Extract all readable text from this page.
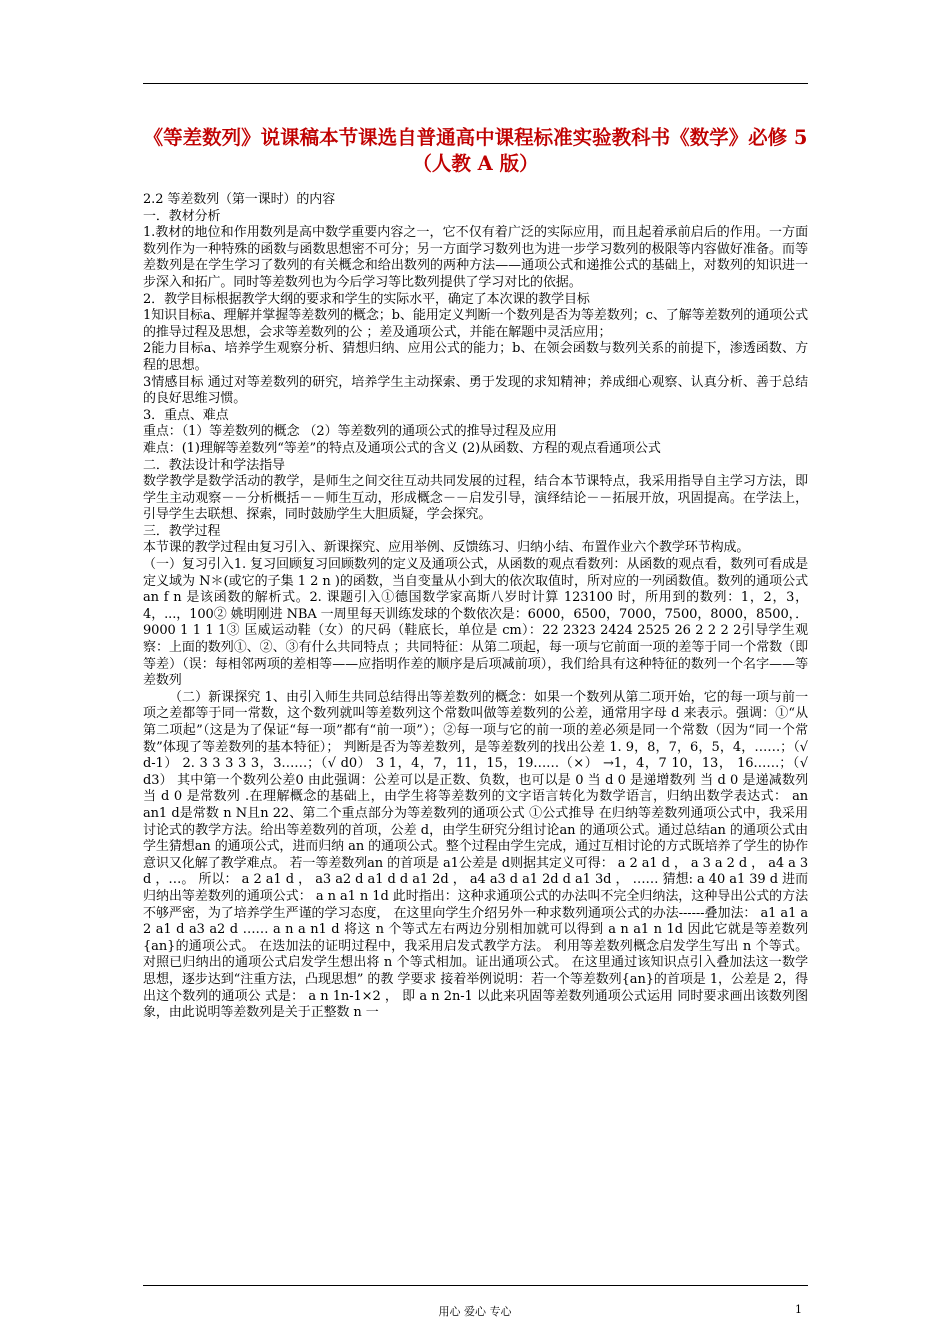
《等差数列》说课稿本节课选自普通高中课程标准实验教科书《数学》必修 5（人教 A 版）

2.2 等差数列（第一课时）的内容

一．教材分析

1.教材的地位和作用数列是高中数学重要内容之一，它不仅有着广泛的实际应用，而且起着承前启后的作用。一方面数列作为一种特殊的函数与函数思想密不可分；另一方面学习数列也为进一步学习数列的极限等内容做好准备。而等差数列是在学生学习了数列的有关概念和给出数列的两种方法——通项公式和递推公式的基础上，对数列的知识进一步深入和拓广。同时等差数列也为今后学习等比数列提供了学习对比的依据。

2．教学目标根据教学大纲的要求和学生的实际水平，确定了本次课的教学目标

1知识目标a、理解并掌握等差数列的概念；b、能用定义判断一个数列是否为等差数列；c、了解等差数列的通项公式的推导过程及思想，会求等差数列的公 ；差及通项公式，并能在解题中灵活应用；

2能力目标a、培养学生观察分析、猜想归纳、应用公式的能力；b、在领会函数与数列关系的前提下，渗透函数、方程的思想。

3情感目标 通过对等差数列的研究，培养学生主动探索、勇于发现的求知精神；养成细心观察、认真分析、善于总结的良好思维习惯。

3．重点、难点

重点：（1）等差数列的概念 （2）等差数列的通项公式的推导过程及应用

难点：(1)理解等差数列“等差”的特点及通项公式的含义 (2)从函数、方程的观点看通项公式

二．教法设计和学法指导

数学教学是数学活动的教学，是师生之间交往互动共同发展的过程，结合本节课特点，我采用指导自主学习方法，即学生主动观察－－分析概括－－师生互动，形成概念－－启发引导，演绎结论－－拓展开放，巩固提高。在学法上，引导学生去联想、探索，同时鼓励学生大胆质疑，学会探究。

三．教学过程

本节课的教学过程由复习引入、新课探究、应用举例、反馈练习、归纳小结、布置作业六个教学环节构成。

（一）复习引入1. 复习回顾复习回顾数列的定义及通项公式，从函数的观点看数列：从函数的观点看，数列可看成是定义域为 N＊(或它的子集 1 2 n )的函数，当自变量从小到大的依次取值时，所对应的一列函数值。数列的通项公式 an f n 是该函数的解析式。2. 课题引入①德国数学家高斯八岁时计算 123100 时，所用到的数列：1，2，3，4，...，100② 姚明刚进 NBA 一周里每天训练发球的个数依次是：6000，6500，7000，7500，8000，8500，．9000 1 1 1 1③ 匡威运动鞋（女）的尺码（鞋底长，单位是 cm）：22 2323 2424 2525 26 2 2 2 2引导学生观察：上面的数列①、②、③有什么共同特点 ；共同特征：从第二项起，每一项与它前面一项的差等于同一个常数（即等差）（误：每相邻两项的差相等——应指明作差的顺序是后项减前项），我们给具有这种特征的数列一个名字——等差数列

（二）新课探究 1、由引入师生共同总结得出等差数列的概念：如果一个数列从第二项开始，它的每一项与前一项之差都等于同一常数，这个数列就叫等差数列这个常数叫做等差数列的公差，通常用字母 d 来表示。强调：①“从第二项起”（这是为了保证“每一项”都有“前一项”）；②每一项与它的前一项的差必须是同一个常数（因为“同一个常数”体现了等差数列的基本特征）； 判断是否为等差数列，是等差数列的找出公差 1. 9，8，7，6，5，4，……；（√ d-1） 2. 3 3 3 3 3，3……；（√ d0） 3 1，4，7，11，15，19……（×） →1，4，7 10，13， 16……；（√ d3） 其中第一个数列公差0 由此强调：公差可以是正数、负数，也可以是 0 当 d 0 是递增数列 当 d 0 是递减数列 当 d 0 是常数列 .在理解概念的基础上，由学生将等差数列的文字语言转化为数学语言，归纳出数学表达式： an an1 d是常数 n N且n 22、第二个重点部分为等差数列的通项公式 ①公式推导 在归纳等差数列通项公式中，我采用讨论式的教学方法。给出等差数列的首项，公差 d，由学生研究分组讨论an 的通项公式。通过总结an 的通项公式由学生猜想an 的通项公式，进而归纳 an 的通项公式。整个过程由学生完成，通过互相讨论的方式既培养了学生的协作意识又化解了教学难点。 若一等差数列an 的首项是 a1公差是 d则据其定义可得： a 2 a1 d ， a 3 a 2 d ， a4 a 3 d ，…。 所以： a 2 a1 d ， a3 a2 d a1 d d a1 2d ， a4 a3 d a1 2d d a1 3d ， …… 猜想: a 40 a1 39 d 进而归纳出等差数列的通项公式： a n a1 n 1d 此时指出：这种求通项公式的办法叫不完全归纳法，这种导出公式的方法不够严密，为了培养学生严谨的学习态度， 在这里向学生介绍另外一种求数列通项公式的办法------叠加法： a1 a1 a 2 a1 d a3 a2 d …… a n a n1 d 将这 n 个等式左右两边分别相加就可以得到 a n a1 n 1d 因此它就是等差数列{an}的通项公式。 在迭加法的证明过程中，我采用启发式教学方法。 利用等差数列概念启发学生写出 n 个等式。 对照已归纳出的通项公式启发学生想出将 n 个等式相加。证出通项公式。 在这里通过该知识点引入叠加法这一数学思想，逐步达到“注重方法，凸现思想” 的教 学要求 接着举例说明：若一个等差数列{an}的首项是 1，公差是 2，得出这个数列的通项公 式是： a n 1n-1×2 ， 即 a n 2n-1 以此来巩固等差数列通项公式运用 同时要求画出该数列图象，由此说明等差数列是关于正整数 n 一

用心 爱心 专心	1
